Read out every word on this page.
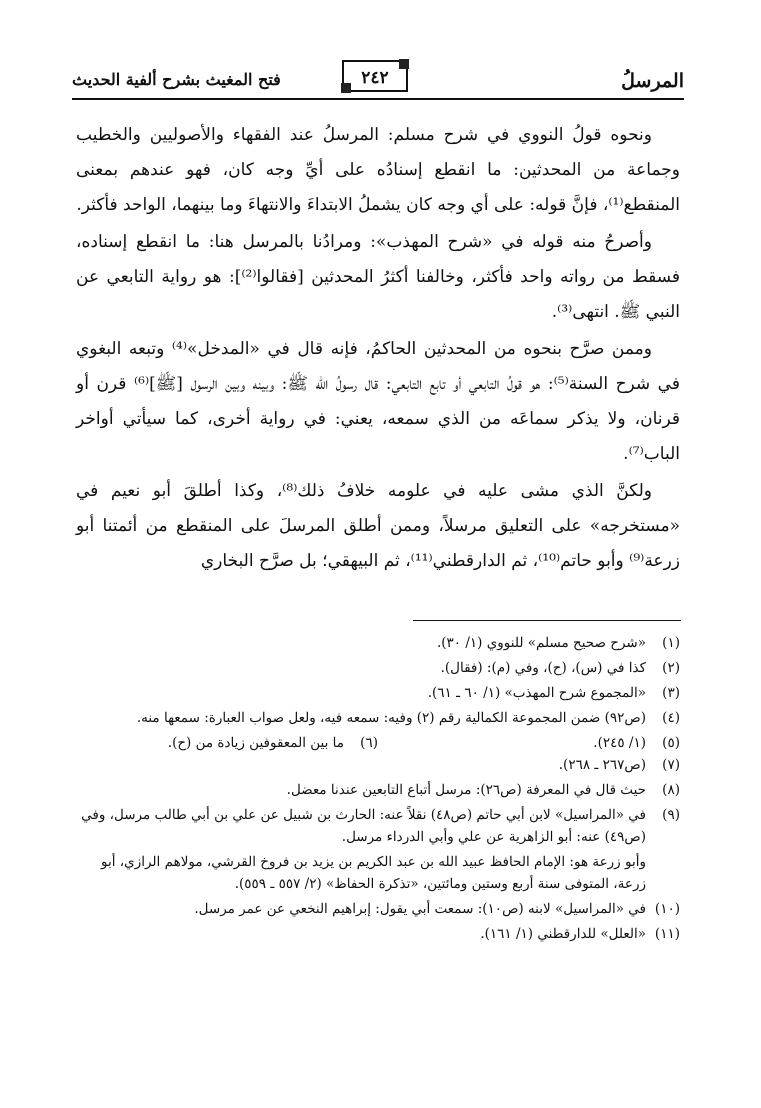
المرسلُ
٢٤٢
فتح المغيث بشرح ألفية الحديث

ونحوه قولُ النووي في شرح مسلم: المرسلُ عند الفقهاء والأصوليين والخطيب وجماعة من المحدثين: ما انقطع إسنادُه على أيِّ وجه كان، فهو عندهم بمعنى المنقطع⁽¹⁾، فإنَّ قوله: على أي وجه كان يشملُ الابتداءَ والانتهاءَ وما بينهما، الواحد فأكثر.

وأصرحُ منه قوله في «شرح المهذب»: ومرادُنا بالمرسل هنا: ما انقطع إسناده، فسقط من رواته واحد فأكثر، وخالفنا أكثرُ المحدثين [فقالوا⁽²⁾]: هو رواية التابعي عن النبي ﷺ. انتهى⁽³⁾.

وممن صرَّح بنحوه من المحدثين الحاكمُ، فإنه قال في «المدخل»⁽⁴⁾ وتبعه البغوي في شرح السنة⁽⁵⁾: هو قولُ التابعي أو تابع التابعي: قال رسولُ الله ﷺ: وبينه وبين الرسول [ﷺ]⁽⁶⁾ قرن أو قرنان، ولا يذكر سماعَه من الذي سمعه، يعني: في رواية أخرى، كما سيأتي أواخر الباب⁽⁷⁾.

ولكنَّ الذي مشى عليه في علومه خلافُ ذلك⁽⁸⁾، وكذا أطلقَ أبو نعيم في «مستخرجه» على التعليق مرسلاً، وممن أطلق المرسلَ على المنقطع من أئمتنا أبو زرعة⁽⁹⁾ وأبو حاتم⁽¹⁰⁾، ثم الدارقطني⁽¹¹⁾، ثم البيهقي؛ بل صرَّح البخاري

(١)
«شرح صحيح مسلم» للنووي (١/ ٣٠).
(٢)
كذا في (س)، (ح)، وفي (م): (فقال).
(٣)
«المجموع شرح المهذب» (١/ ٦٠ ـ ٦١).
(٤)
(ص٩٢) ضمن المجموعة الكمالية رقم (٢) وفيه: سمعه فيه، ولعل صواب العبارة: سمعها منه.
(٥)
(١/ ٢٤٥).
(٦)
ما بين المعقوفين زيادة من (ح).
(٧)
(ص٢٦٧ ـ ٢٦٨).
(٨)
حيث قال في المعرفة (ص٢٦): مرسل أتباع التابعين عندنا معضل.
(٩)
في «المراسيل» لابن أبي حاتم (ص٤٨) نقلاً عنه: الحارث بن شبيل عن علي بن أبي طالب مرسل، وفي (ص٤٩) عنه: أبو الزاهرية عن علي وأبي الدرداء مرسل.
وأبو زرعة هو: الإمام الحافظ عبيد الله بن عبد الكريم بن يزيد بن فروخ القرشي، مولاهم الرازي، أبو زرعة، المتوفى سنة أربع وستين ومائتين، «تذكرة الحفاظ» (٢/ ٥٥٧ ـ ٥٥٩).
(١٠)
في «المراسيل» لابنه (ص١٠): سمعت أبي يقول: إبراهيم النخعي عن عمر مرسل.
(١١)
«العلل» للدارقطني (١/ ١٦١).
